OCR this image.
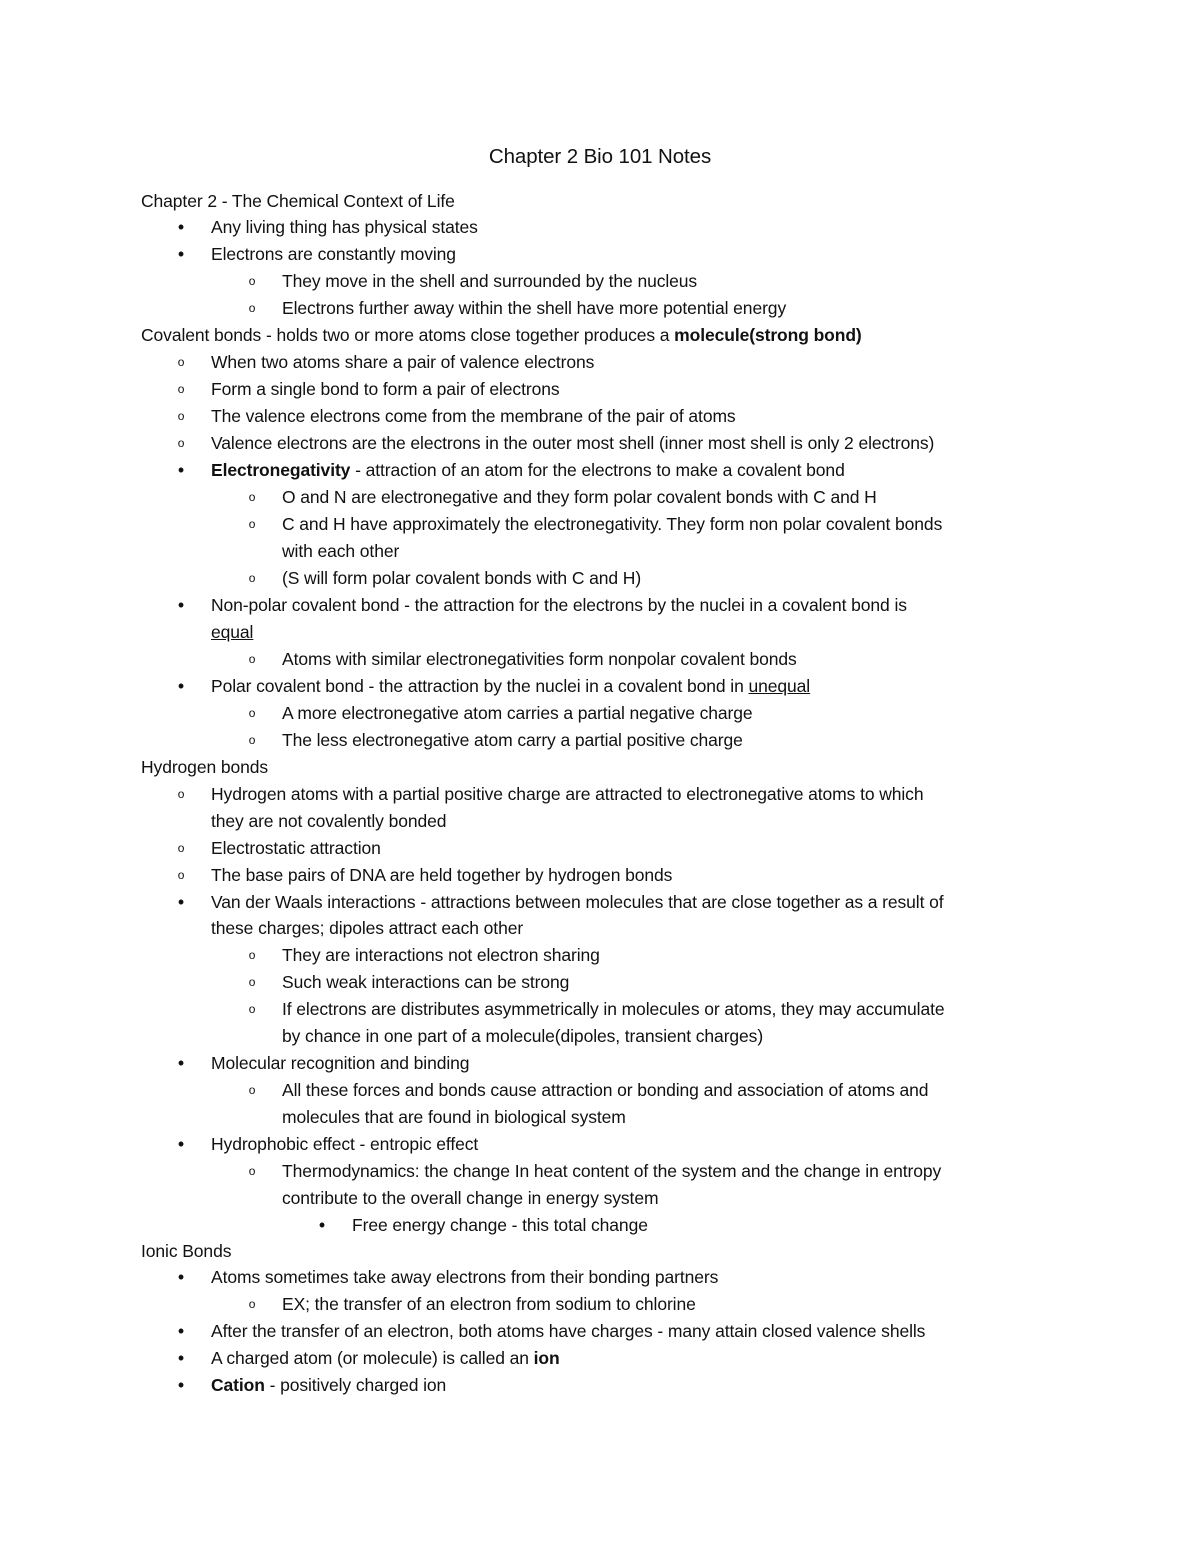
Chapter 2 Bio 101 Notes
Chapter 2 - The Chemical Context of Life
•	Any living thing has physical states
•	Electrons are constantly moving
o	They move in the shell and surrounded by the nucleus
o	Electrons further away within the shell have more potential energy
Covalent bonds - holds two or more atoms close together produces a molecule(strong bond)
o	When two atoms share a pair of valence electrons
o	Form a single bond to form a pair of electrons
o	The valence electrons come from the membrane of the pair of atoms
o	Valence electrons are the electrons in the outer most shell (inner most shell is only 2 electrons)
•	Electronegativity - attraction of an atom for the electrons to make a covalent bond
o	O and N are electronegative and they form polar covalent bonds with C and H
o	C and H have approximately the electronegativity. They form non polar covalent bonds
with each other
o	(S will form polar covalent bonds with C and H)
•	Non-polar covalent bond - the attraction for the electrons by the nuclei in a covalent bond is
equal
o	Atoms with similar electronegativities form nonpolar covalent bonds
•	Polar covalent bond - the attraction by the nuclei in a covalent bond in unequal
o	A more electronegative atom carries a partial negative charge
o	The less electronegative atom carry a partial positive charge
Hydrogen bonds
o	Hydrogen atoms with a partial positive charge are attracted to electronegative atoms to which
they are not covalently bonded
o	Electrostatic attraction
o	The base pairs of DNA are held together by hydrogen bonds
•	Van der Waals interactions - attractions between molecules that are close together as a result of
these charges; dipoles attract each other
o	They are interactions not electron sharing
o	Such weak interactions can be strong
o	If electrons are distributes asymmetrically in molecules or atoms, they may accumulate
by chance in one part of a molecule(dipoles, transient charges)
•	Molecular recognition and binding
o	All these forces and bonds cause attraction or bonding and association of atoms and
molecules that are found in biological system
•	Hydrophobic effect - entropic effect
o	Thermodynamics: the change In heat content of the system and the change in entropy
contribute to the overall change in energy system
•	Free energy change - this total change
Ionic Bonds
•	Atoms sometimes take away electrons from their bonding partners
o	EX; the transfer of an electron from sodium to chlorine
•	After the transfer of an electron, both atoms have charges - many attain closed valence shells
•	A charged atom (or molecule) is called an ion
•	Cation - positively charged ion
